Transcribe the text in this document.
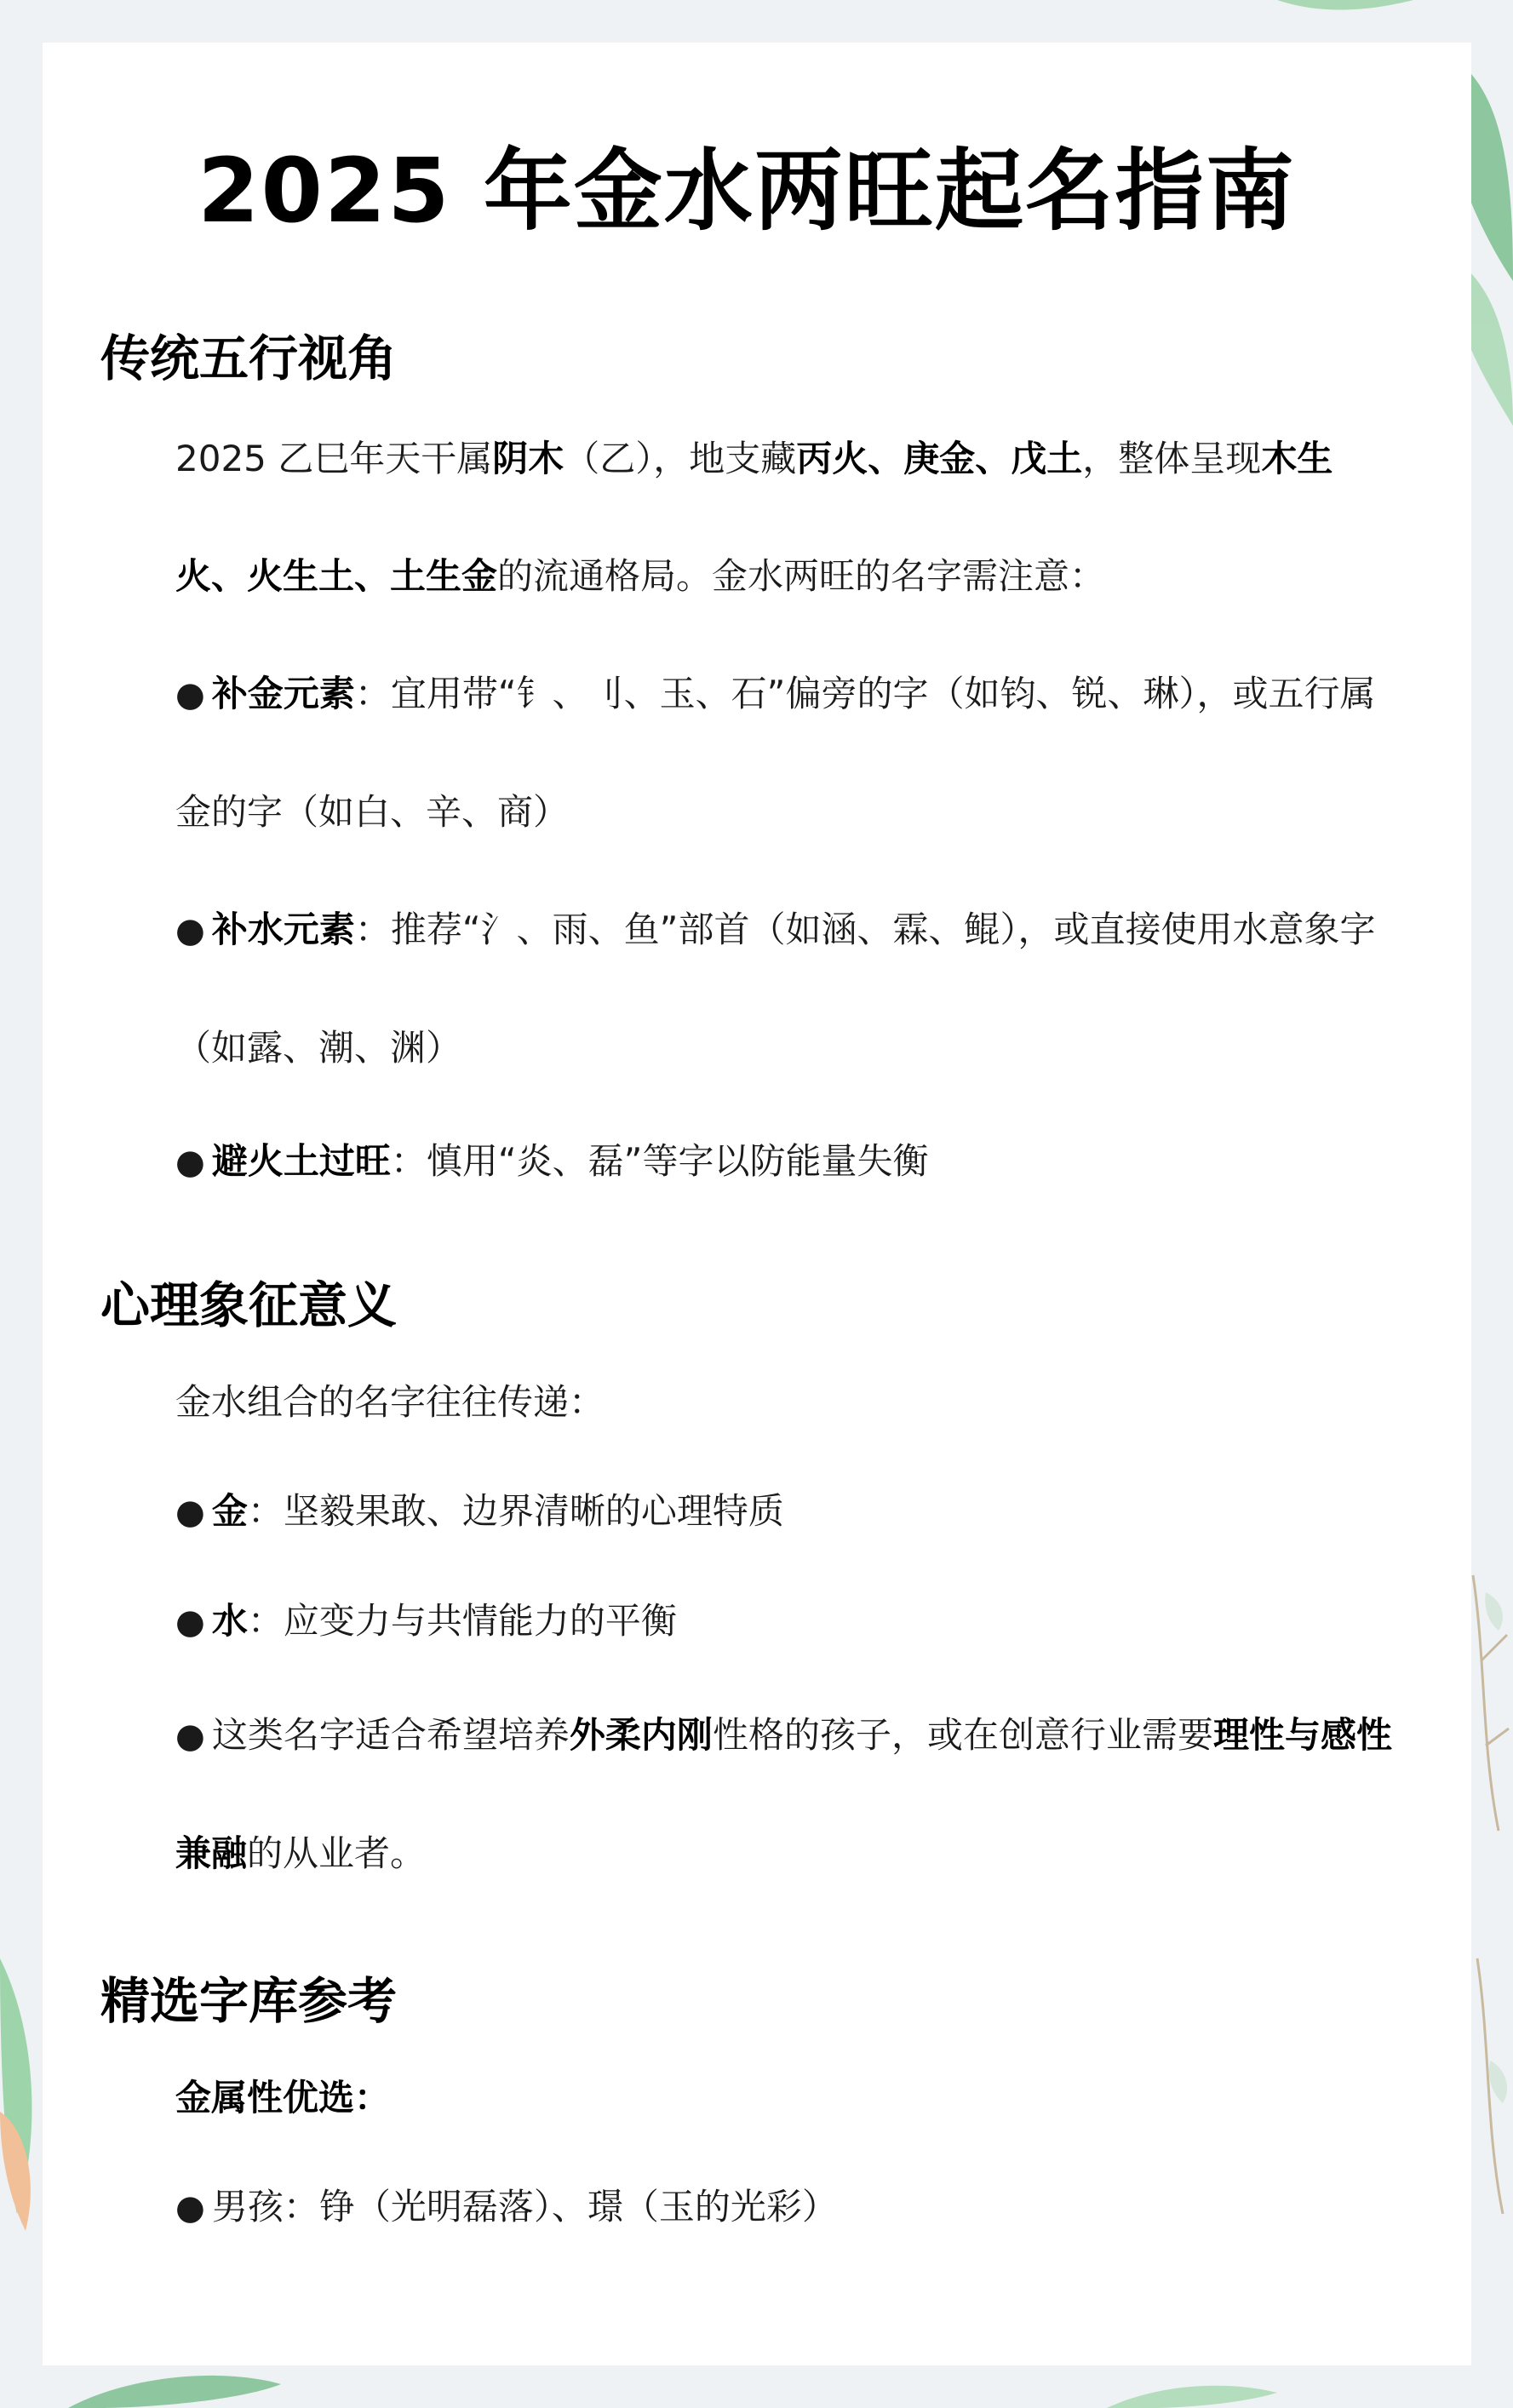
2025 年金水两旺起名指南
传统五行视角

2025 乙巳年天干属阴木（乙），地支藏丙火、庚金、戊土，整体呈现木生火、火生土、土生金的流通格局。金水两旺的名字需注意：

● 补金元素：宜用带“钅、刂、玉、石”偏旁的字（如钧、锐、琳），或五行属金的字（如白、辛、商）

● 补水元素：推荐“氵、雨、鱼”部首（如涵、霖、鲲），或直接使用水意象字（如露、潮、渊）

● 避火土过旺：慎用“炎、磊”等字以防能量失衡

心理象征意义

金水组合的名字往往传递：

● 金：坚毅果敢、边界清晰的心理特质

● 水：应变力与共情能力的平衡

● 这类名字适合希望培养外柔内刚性格的孩子，或在创意行业需要理性与感性兼融的从业者。

精选字库参考

金属性优选：

● 男孩：铮（光明磊落）、璟（玉的光彩）
